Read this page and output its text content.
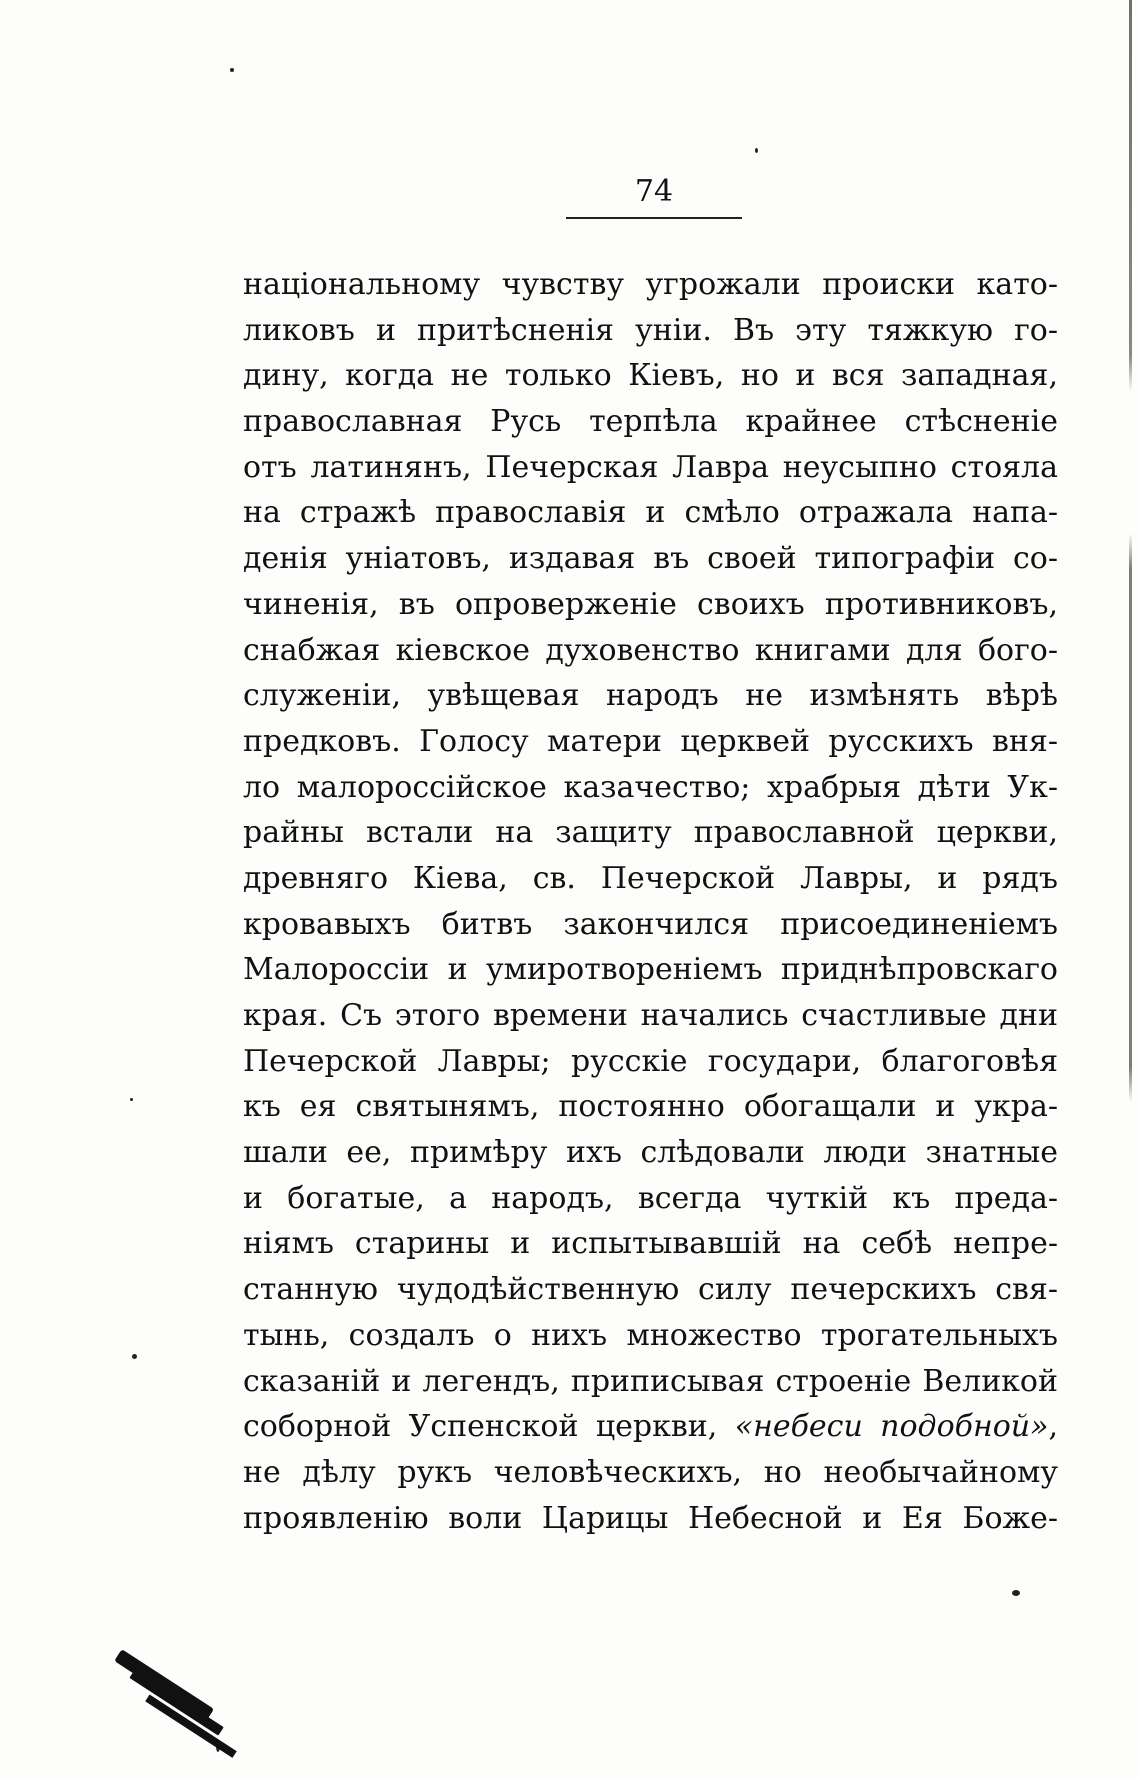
74
національному чувству угрожали происки като-
ликовъ и притѣсненія уніи. Въ эту тяжкую го-
дину, когда не только Кіевъ, но и вся западная,
православная Русь терпѣла крайнее стѣсненіе
отъ латинянъ, Печерская Лавра неусыпно стояла
на стражѣ православія и смѣло отражала напа-
денія уніатовъ, издавая въ своей типографіи со-
чиненія, въ опроверженіе своихъ противниковъ,
снабжая кіевское духовенство книгами для бого-
служеніи, увѣщевая народъ не измѣнять вѣрѣ
предковъ. Голосу матери церквей русскихъ вня-
ло малороссійское казачество; храбрыя дѣти Ук-
райны встали на защиту православной церкви,
древняго Кіева, св. Печерской Лавры, и рядъ
кровавыхъ битвъ закончился присоединеніемъ
Малороссіи и умиротвореніемъ приднѣпровскаго
края. Съ этого времени начались счастливые дни
Печерской Лавры; русскіе государи, благоговѣя
къ ея святынямъ, постоянно обогащали и укра-
шали ее, примѣру ихъ слѣдовали люди знатные
и богатые, а народъ, всегда чуткій къ преда-
ніямъ старины и испытывавшій на себѣ непре-
станную чудодѣйственную силу печерскихъ свя-
тынь, создалъ о нихъ множество трогательныхъ
сказаній и легендъ, приписывая строеніе Великой
соборной Успенской церкви, «небеси подобной»,
не дѣлу рукъ человѣческихъ, но необычайному
проявленію воли Царицы Небесной и Ея Боже-
